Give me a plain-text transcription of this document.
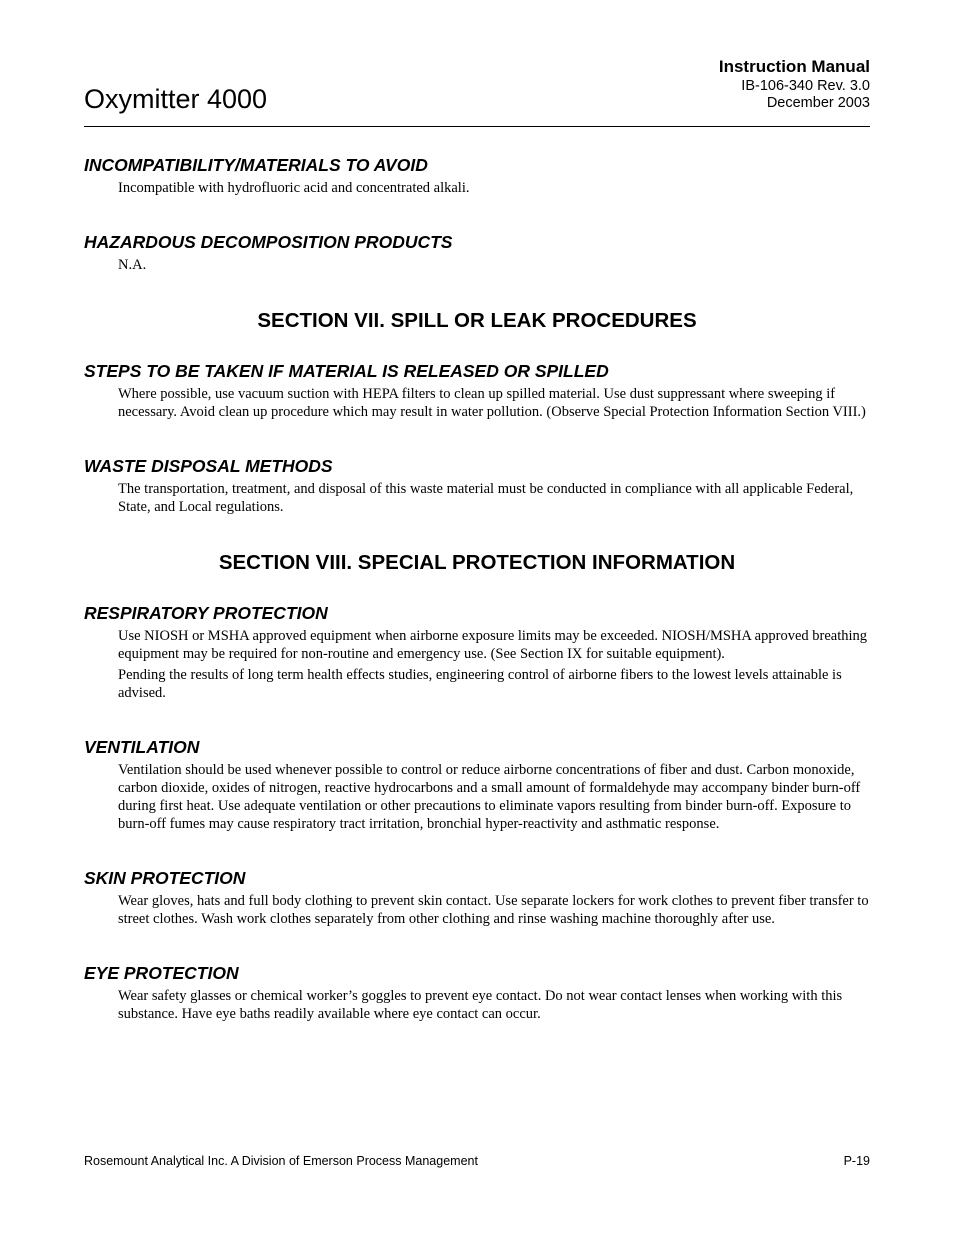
Oxymitter 4000
Instruction Manual
IB-106-340 Rev. 3.0
December 2003
INCOMPATIBILITY/MATERIALS TO AVOID

Incompatible with hydrofluoric acid and concentrated alkali.

HAZARDOUS DECOMPOSITION PRODUCTS

N.A.

SECTION VII. SPILL OR LEAK PROCEDURES
STEPS TO BE TAKEN IF MATERIAL IS RELEASED OR SPILLED

Where possible, use vacuum suction with HEPA filters to clean up spilled material. Use dust suppressant where sweeping if necessary. Avoid clean up procedure which may result in water pollution. (Observe Special Protection Information Section VIII.)

WASTE DISPOSAL METHODS

The transportation, treatment, and disposal of this waste material must be conducted in compliance with all applicable Federal, State, and Local regulations.

SECTION VIII. SPECIAL PROTECTION INFORMATION
RESPIRATORY PROTECTION

Use NIOSH or MSHA approved equipment when airborne exposure limits may be exceeded. NIOSH/MSHA approved breathing equipment may be required for non-routine and emergency use. (See Section IX for suitable equipment).

Pending the results of long term health effects studies, engineering control of airborne fibers to the lowest levels attainable is advised.

VENTILATION

Ventilation should be used whenever possible to control or reduce airborne concentrations of fiber and dust. Carbon monoxide, carbon dioxide, oxides of nitrogen, reactive hydrocarbons and a small amount of formaldehyde may accompany binder burn-off during first heat. Use adequate ventilation or other precautions to eliminate vapors resulting from binder burn-off. Exposure to burn-off fumes may cause respiratory tract irritation, bronchial hyper-reactivity and asthmatic response.

SKIN PROTECTION

Wear gloves, hats and full body clothing to prevent skin contact. Use separate lockers for work clothes to prevent fiber transfer to street clothes. Wash work clothes separately from other clothing and rinse washing machine thoroughly after use.

EYE PROTECTION

Wear safety glasses or chemical worker’s goggles to prevent eye contact. Do not wear contact lenses when working with this substance. Have eye baths readily available where eye contact can occur.

Rosemount Analytical Inc. A Division of Emerson Process Management	P-19
